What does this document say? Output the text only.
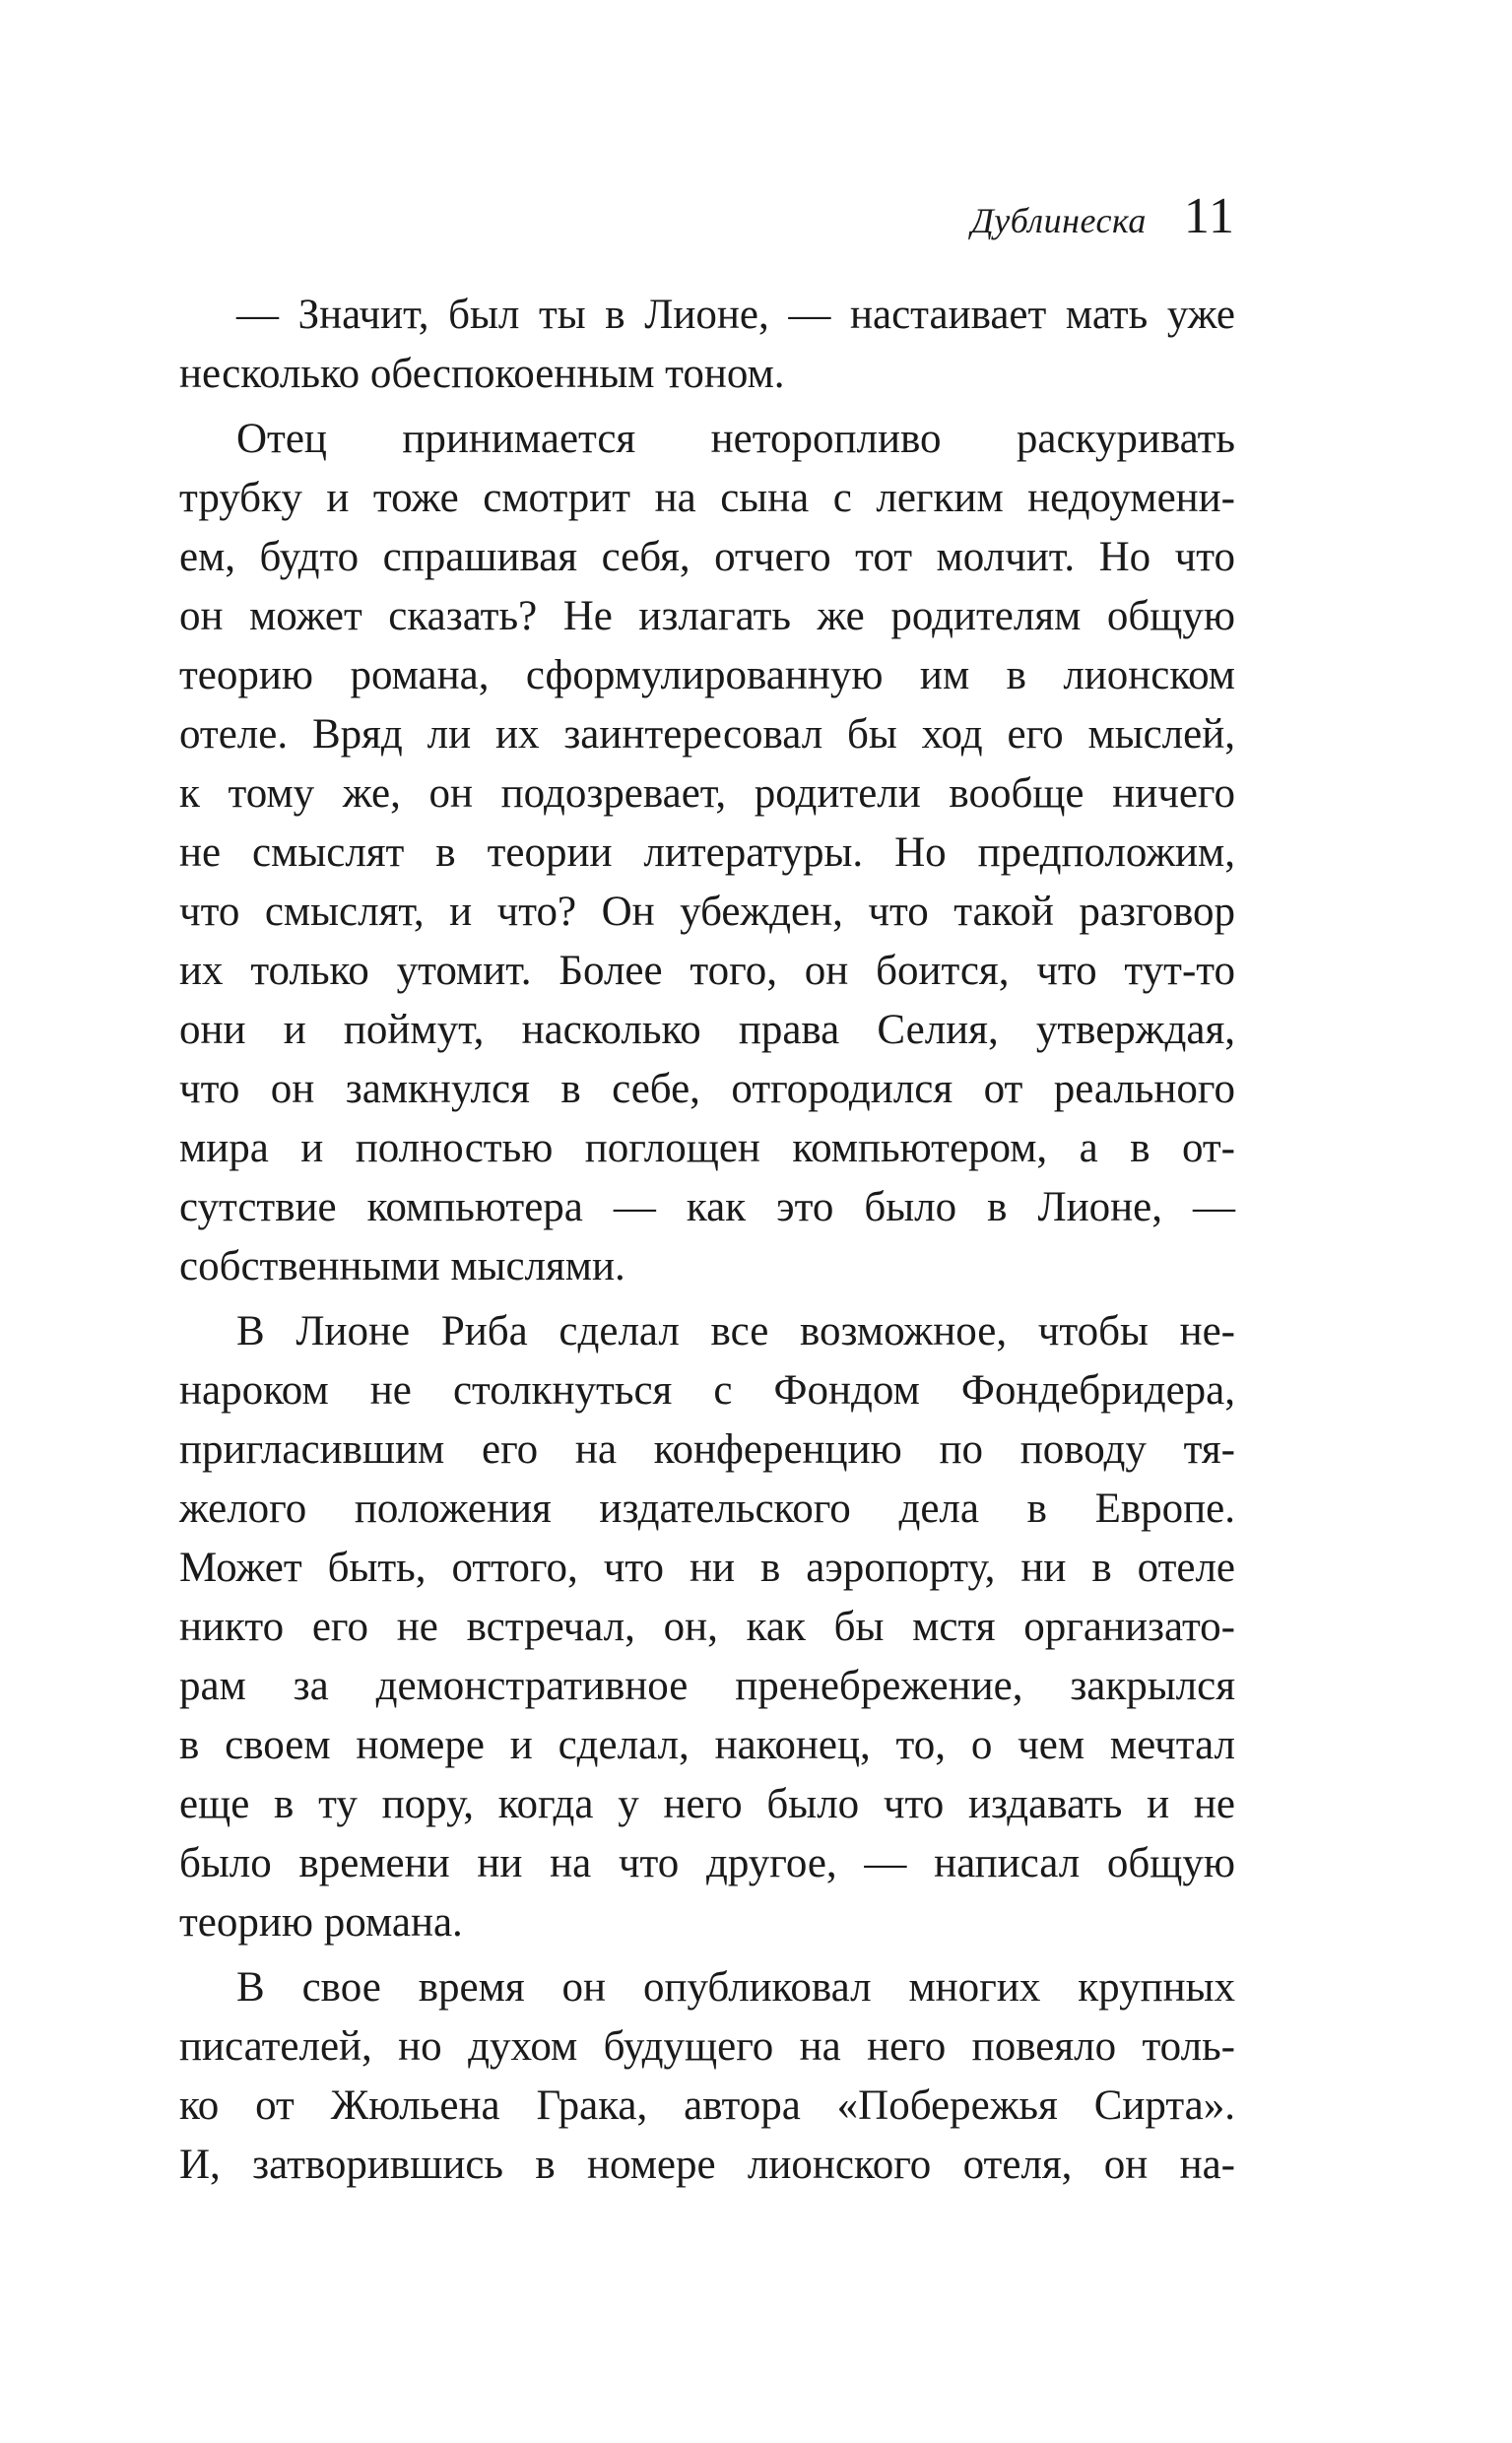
Дублинеска 11
— Значит, был ты в Лионе, — настаивает мать уже
несколько обеспокоенным тоном.
Отец принимается неторопливо раскуривать
трубку и тоже смотрит на сына с легким недоумени-
ем, будто спрашивая себя, отчего тот молчит. Но что
он может сказать? Не излагать же родителям общую
теорию романа, сформулированную им в лионском
отеле. Вряд ли их заинтересовал бы ход его мыслей,
к тому же, он подозревает, родители вообще ничего
не смыслят в теории литературы. Но предположим,
что смыслят, и что? Он убежден, что такой разговор
их только утомит. Более того, он боится, что тут-то
они и поймут, насколько права Селия, утверждая,
что он замкнулся в себе, отгородился от реального
мира и полностью поглощен компьютером, а в от-
сутствие компьютера — как это было в Лионе, —
собственными мыслями.
В Лионе Риба сделал все возможное, чтобы не-
нароком не столкнуться с Фондом Фондебридера,
пригласившим его на конференцию по поводу тя-
желого положения издательского дела в Европе.
Может быть, оттого, что ни в аэропорту, ни в отеле
никто его не встречал, он, как бы мстя организато-
рам за демонстративное пренебрежение, закрылся
в своем номере и сделал, наконец, то, о чем мечтал
еще в ту пору, когда у него было что издавать и не
было времени ни на что другое, — написал общую
теорию романа.
В свое время он опубликовал многих крупных
писателей, но духом будущего на него повеяло толь-
ко от Жюльена Грака, автора «Побережья Сирта».
И, затворившись в номере лионского отеля, он на-
